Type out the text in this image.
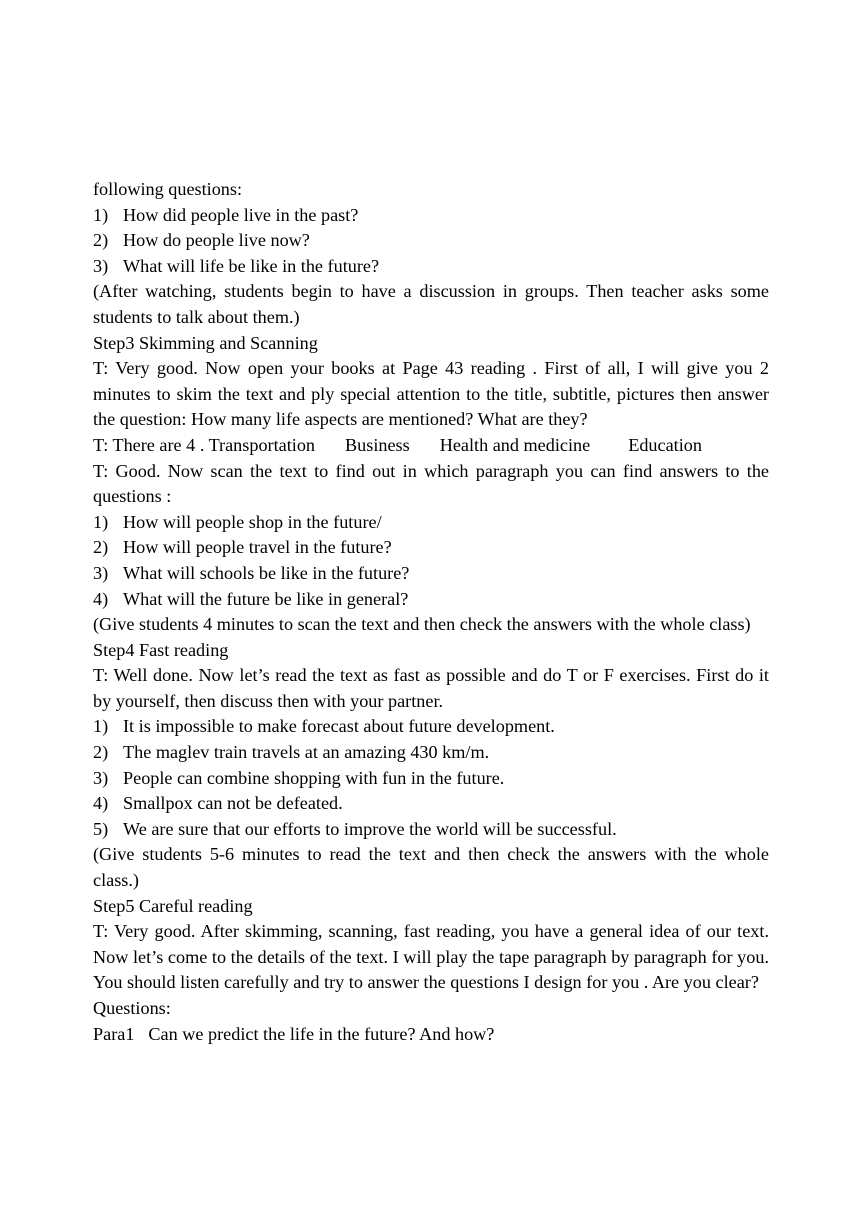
following questions:
1) How did people live in the past?
2) How do people live now?
3) What will life be like in the future?
(After watching, students begin to have a discussion in groups. Then teacher asks some students to talk about them.)
Step3 Skimming and Scanning
T: Very good. Now open your books at Page 43 reading . First of all, I will give you 2 minutes to skim the text and ply special attention to the title, subtitle, pictures then answer the question: How many life aspects are mentioned? What are they?
T: There are 4 . Transportation Business Health and medicine Education
T: Good. Now scan the text to find out in which paragraph you can find answers to the questions :
1) How will people shop in the future/
2) How will people travel in the future?
3) What will schools be like in the future?
4) What will the future be like in general?
(Give students 4 minutes to scan the text and then check the answers with the whole class)
Step4 Fast reading
T: Well done. Now let’s read the text as fast as possible and do T or F exercises. First do it by yourself, then discuss then with your partner.
1) It is impossible to make forecast about future development.
2) The maglev train travels at an amazing 430 km/m.
3) People can combine shopping with fun in the future.
4) Smallpox can not be defeated.
5) We are sure that our efforts to improve the world will be successful.
(Give students 5-6 minutes to read the text and then check the answers with the whole class.)
Step5 Careful reading
T: Very good. After skimming, scanning, fast reading, you have a general idea of our text. Now let’s come to the details of the text. I will play the tape paragraph by paragraph for you. You should listen carefully and try to answer the questions I design for you . Are you clear?
Questions:
Para1 Can we predict the life in the future? And how?
